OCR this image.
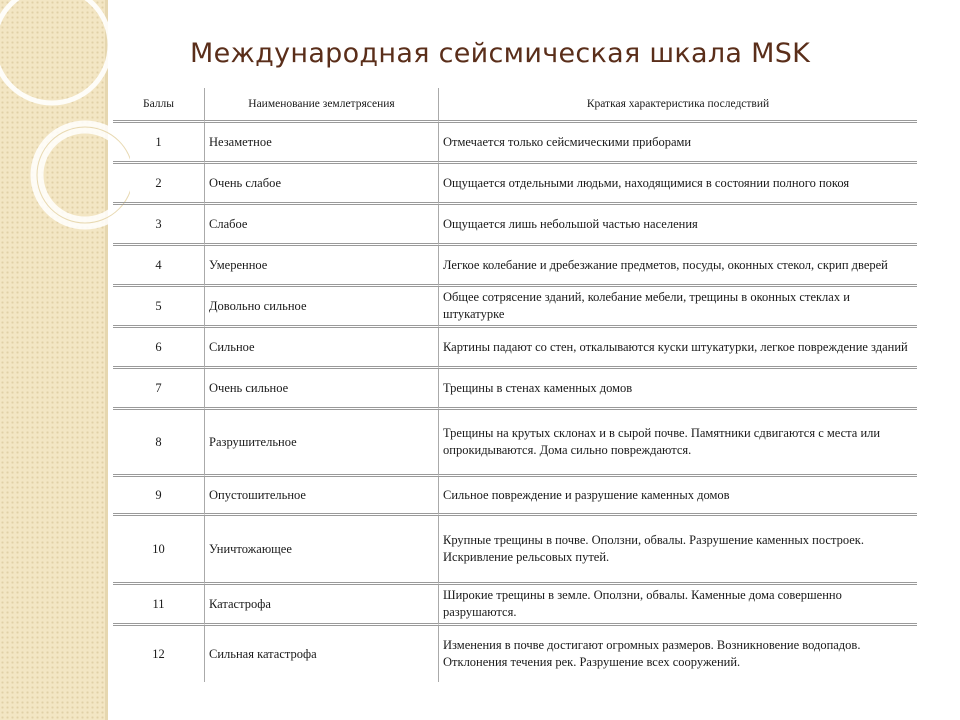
Международная сейсмическая шкала MSK
Баллы	Наименование землетрясения	Краткая характеристика последствий
1	Незаметное	Отмечается только сейсмическими приборами
2	Очень слабое	Ощущается отдельными людьми, находящимися в состоянии полного покоя
3	Слабое	Ощущается лишь небольшой частью населения
4	Умеренное	Легкое колебание и дребезжание предметов, посуды, оконных стекол, скрип дверей
5	Довольно сильное	Общее сотрясение зданий, колебание мебели, трещины в оконных стеклах и штукатурке
6	Сильное	Картины падают со стен, откалываются куски штукатурки, легкое повреждение зданий
7	Очень сильное	Трещины в стенах каменных домов
8	Разрушительное	Трещины на крутых склонах и в сырой почве. Памятники сдвигаются с места или опрокидываются. Дома сильно повреждаются.
9	Опустошительное	Сильное повреждение и разрушение каменных домов
10	Уничтожающее	Крупные трещины в почве. Оползни, обвалы. Разрушение каменных построек. Искривление рельсовых путей.
11	Катастрофа	Широкие трещины в земле. Оползни, обвалы. Каменные дома совершенно разрушаются.
12	Сильная катастрофа	Изменения в почве достигают огромных размеров. Возникновение водопадов. Отклонения течения рек. Разрушение всех сооружений.
